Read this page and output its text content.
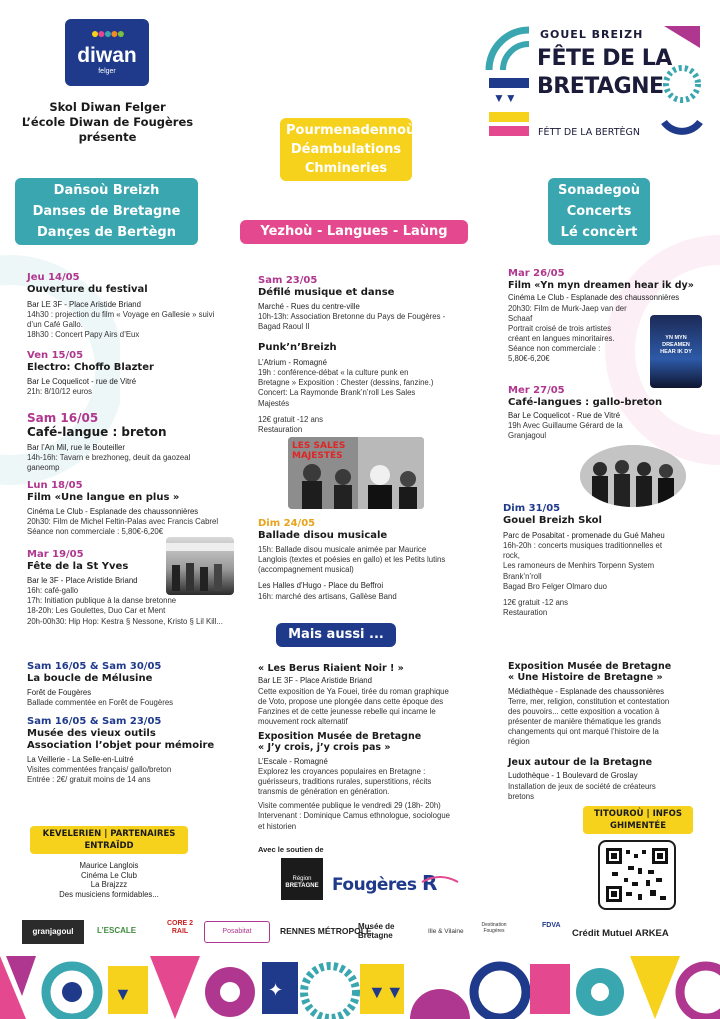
●●●●●
diwan
felger
Skol Diwan Felger
L’école Diwan de Fougères
présente
▼▼
GOUEL BREIZH
FÊTE DE LA
BRETAGNE
FÉTT DE LA BERTÈGN
Pourmenadennoù
Déambulations
Chmineries
Dañsoù Breizh
Danses de Bretagne
Dançes de Bertègn	Yezhoù - Langues - Laùng
Sonadegoù
Concerts
Lé concèrt
Jeu 14/05
Ouverture du festival
Bar LE 3F - Place Aristide Briand
14h30 : projection du film « Voyage en Gallesie » suivi
d’un Café Gallo.
18h30 : Concert Papy Airs d’Eux
Ven 15/05
Electro: Choffo Blazter
Bar Le Coquelicot - rue de Vitré
21h: 8/10/12 euros
Sam 16/05
Café-langue : breton
Bar l’An Mil, rue le Bouteiller
14h-16h: Tavarn e brezhoneg, deuit da gaozeal
ganeomp
Lun 18/05
Film «Une langue en plus »
Cinéma Le Club - Esplanade des chaussonnières
20h30: Film de Michel Feltin-Palas avec Francis Cabrel
Séance non commerciale : 5,80€-6,20€
Mar 19/05
Fête de la St Yves
Bar le 3F - Place Aristide Briand
16h: café-gallo
17h: Initiation publique à la danse bretonne
18-20h: Les Goulettes, Duo Car et Ment
20h-00h30: Hip Hop: Kestra § Nessone, Kristo § Lil Kill...
Sam 23/05
Défilé musique et danse
Marché - Rues du centre-ville
10h-13h: Association Bretonne du Pays de Fougères -
Bagad Raoul II
Punk’n’Breizh
L’Atrium - Romagné
19h : conférence-débat « la culture punk en
Bretagne » Exposition : Chester (dessins, fanzine.)
Concert: La Raymonde Brank’n’roll Les Sales
Majestés
12€ gratuit -12 ans
Restauration
LES SALES MAJESTÉS
Dim 24/05
Ballade disou musicale
15h: Ballade disou musicale animée par Maurice
Langlois (textes et poésies en gallo) et les Petits lutins
(accompagnement musical)
Les Halles d’Hugo - Place du Beffroi
16h: marché des artisans, Gallèse Band
Mar 26/05
Film «Yn myn dreamen hear ik dy»
Cinéma Le Club - Esplanade des chaussonnières
20h30: Film de Murk-Jaep van der
Schaaf
Portrait croisé de trois artistes
créant en langues minoritaires.
Séance non commerciale :
5,80€-6,20€
YN MYN
DREAMEN
HEAR IK DY
Mer 27/05
Café-langues : gallo-breton
Bar Le Coquelicot - Rue de Vitré
19h Avec Guillaume Gérard de la
Granjagoul
Dim 31/05
Gouel Breizh Skol
Parc de Posabitat - promenade du Gué Maheu
16h-20h : concerts musiques traditionnelles et
rock,
Les ramoneurs de Menhirs Torpenn System
Brank’n’roll
Bagad Bro Felger Olmaro duo
12€ gratuit -12 ans
Restauration
Mais aussi ...
Sam 16/05 & Sam 30/05
La boucle de Mélusine
Forêt de Fougères
Ballade commentée en Forêt de Fougères
Sam 16/05 & Sam 23/05
Musée des vieux outils
Association l’objet pour mémoire
La Veillerie - La Selle-en-Luitré
Visites commentées français/ gallo/breton
Entrée : 2€/ gratuit moins de 14 ans
« Les Berus Riaient Noir ! »
Bar LE 3F - Place Aristide Briand
Cette exposition de Ya Fouei, tirée du roman graphique
de Voto, propose une plongée dans cette époque des
Fanzines et de cette jeunesse rebelle qui incarne le
mouvement rock alternatif
Exposition Musée de Bretagne
« J’y crois, j’y crois pas »
L’Escale - Romagné
Explorez les croyances populaires en Bretagne :
guérisseurs, traditions rurales, superstitions, récits
transmis de génération en génération.
Visite commentée publique le vendredi 29 (18h- 20h)
Intervenant : Dominique Camus ethnologue, sociologue
et historien
Exposition Musée de Bretagne
« Une Histoire de Bretagne »
Médiathèque - Esplanade des chaussonières
Terre, mer, religion, constitution et contestation
des pouvoirs... cette exposition a vocation à
présenter de manière thématique les grands
changements qui ont marqué l’histoire de la
région
Jeux autour de la Bretagne
Ludothèque - 1 Boulevard de Groslay
Installation de jeux de société de créateurs
bretons
KEVELERIEN | PARTENAIRES
ENTRAÏDD
Maurice Langlois
Cinéma Le Club
La Brajzzz
Des musiciens formidables...
Avec le soutien de
Région
BRETAGNE Fougères R
TITOUROÙ | INFOS
GHIMENTÉE
granjagoul	L’ESCALE
CORE 2 RAIL	Posabitat	RENNES MÉTROPOLE
Musée de Bretagne	Ille & Vilaine
Destination Fougères
FDVA
Crédit Mutuel ARKEA
▼	✦	▼▼
